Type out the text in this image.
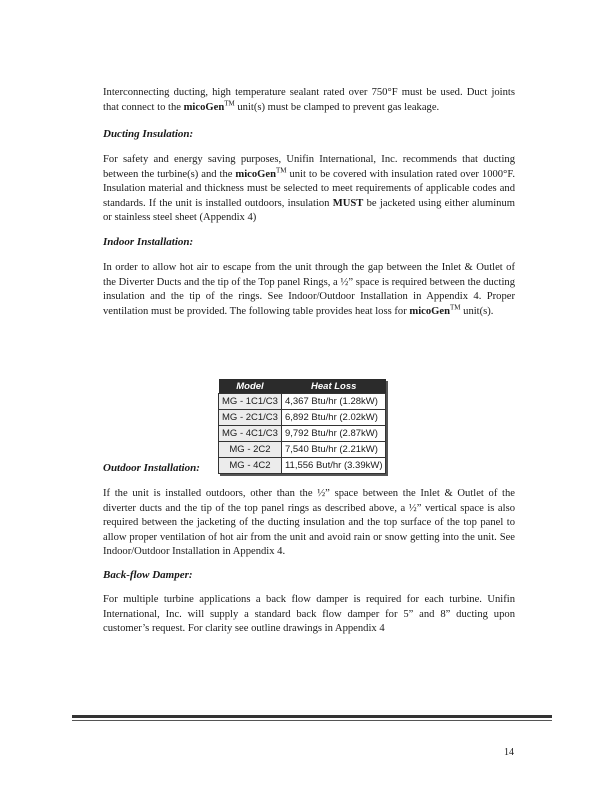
Interconnecting ducting, high temperature sealant rated over 750°F must be used. Duct joints that connect to the micoGen™ unit(s) must be clamped to prevent gas leakage.
Ducting Insulation:
For safety and energy saving purposes, Unifin International, Inc. recommends that ducting between the turbine(s) and the micoGen™ unit to be covered with insulation rated over 1000°F. Insulation material and thickness must be selected to meet requirements of applicable codes and standards. If the unit is installed outdoors, insulation MUST be jacketed using either aluminum or stainless steel sheet (Appendix 4)
Indoor Installation:
In order to allow hot air to escape from the unit through the gap between the Inlet & Outlet of the Diverter Ducts and the tip of the Top panel Rings, a ½” space is required between the ducting insulation and the tip of the rings. See Indoor/Outdoor Installation in Appendix 4. Proper ventilation must be provided. The following table provides heat loss for micoGen™ unit(s).
Model	Heat Loss
MG - 1C1/C3	4,367 Btu/hr (1.28kW)
MG - 2C1/C3	6,892 Btu/hr (2.02kW)
MG - 4C1/C3	9,792 Btu/hr (2.87kW)
MG - 2C2	7,540 Btu/hr (2.21kW)
MG - 4C2	11,556 But/hr (3.39kW)
Outdoor Installation:
If the unit is installed outdoors, other than the ½” space between the Inlet & Outlet of the diverter ducts and the tip of the top panel rings as described above, a ½” vertical space is also required between the jacketing of the ducting insulation and the top surface of the top panel to allow proper ventilation of hot air from the unit and avoid rain or snow getting into the unit. See Indoor/Outdoor Installation in Appendix 4.
Back-flow Damper:
For multiple turbine applications a back flow damper is required for each turbine. Unifin International, Inc. will supply a standard back flow damper for 5” and 8” ducting upon customer’s request. For clarity see outline drawings in Appendix 4
14
